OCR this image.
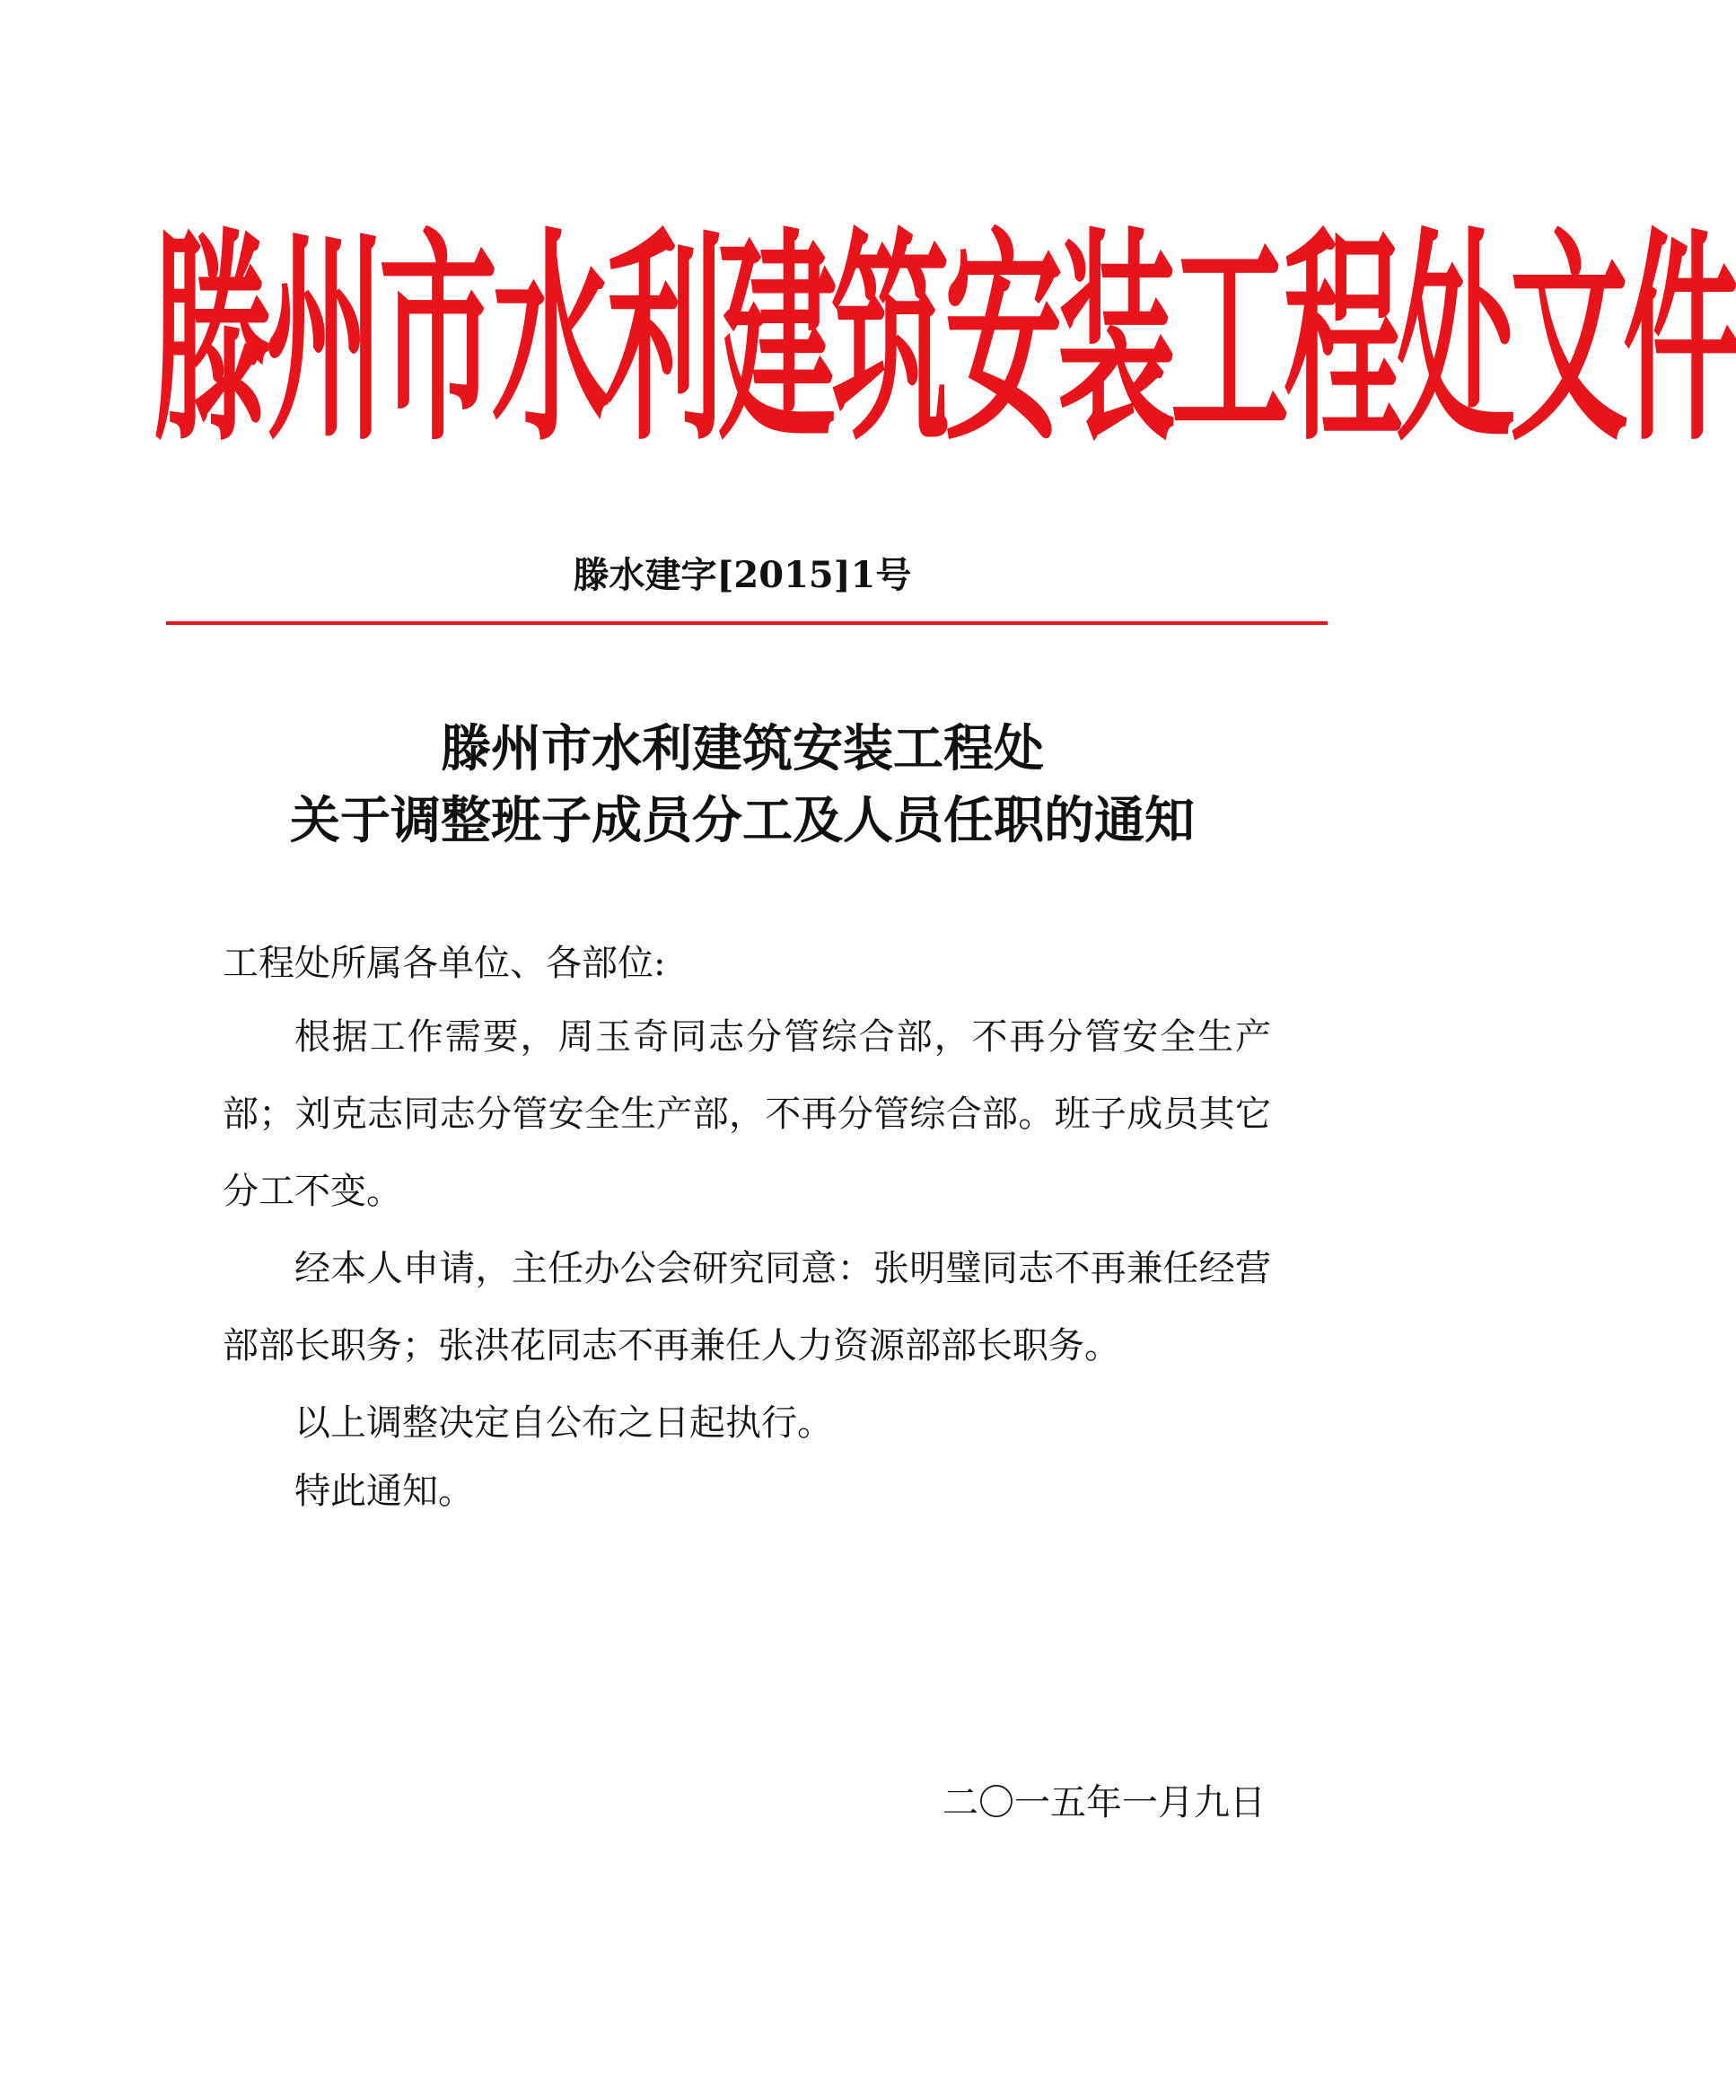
滕州市水利建筑安装工程处文件
滕水建字[2015]1号
滕州市水利建筑安装工程处
关于调整班子成员分工及人员任职的通知
工程处所属各单位、各部位:
根据工作需要，周玉奇同志分管综合部，不再分管安全生产部；刘克志同志分管安全生产部，不再分管综合部。班子成员其它分工不变。
经本人申请，主任办公会研究同意：张明璧同志不再兼任经营部部长职务；张洪花同志不再兼任人力资源部部长职务。
以上调整决定自公布之日起执行。
特此通知。
二〇一五年一月九日
